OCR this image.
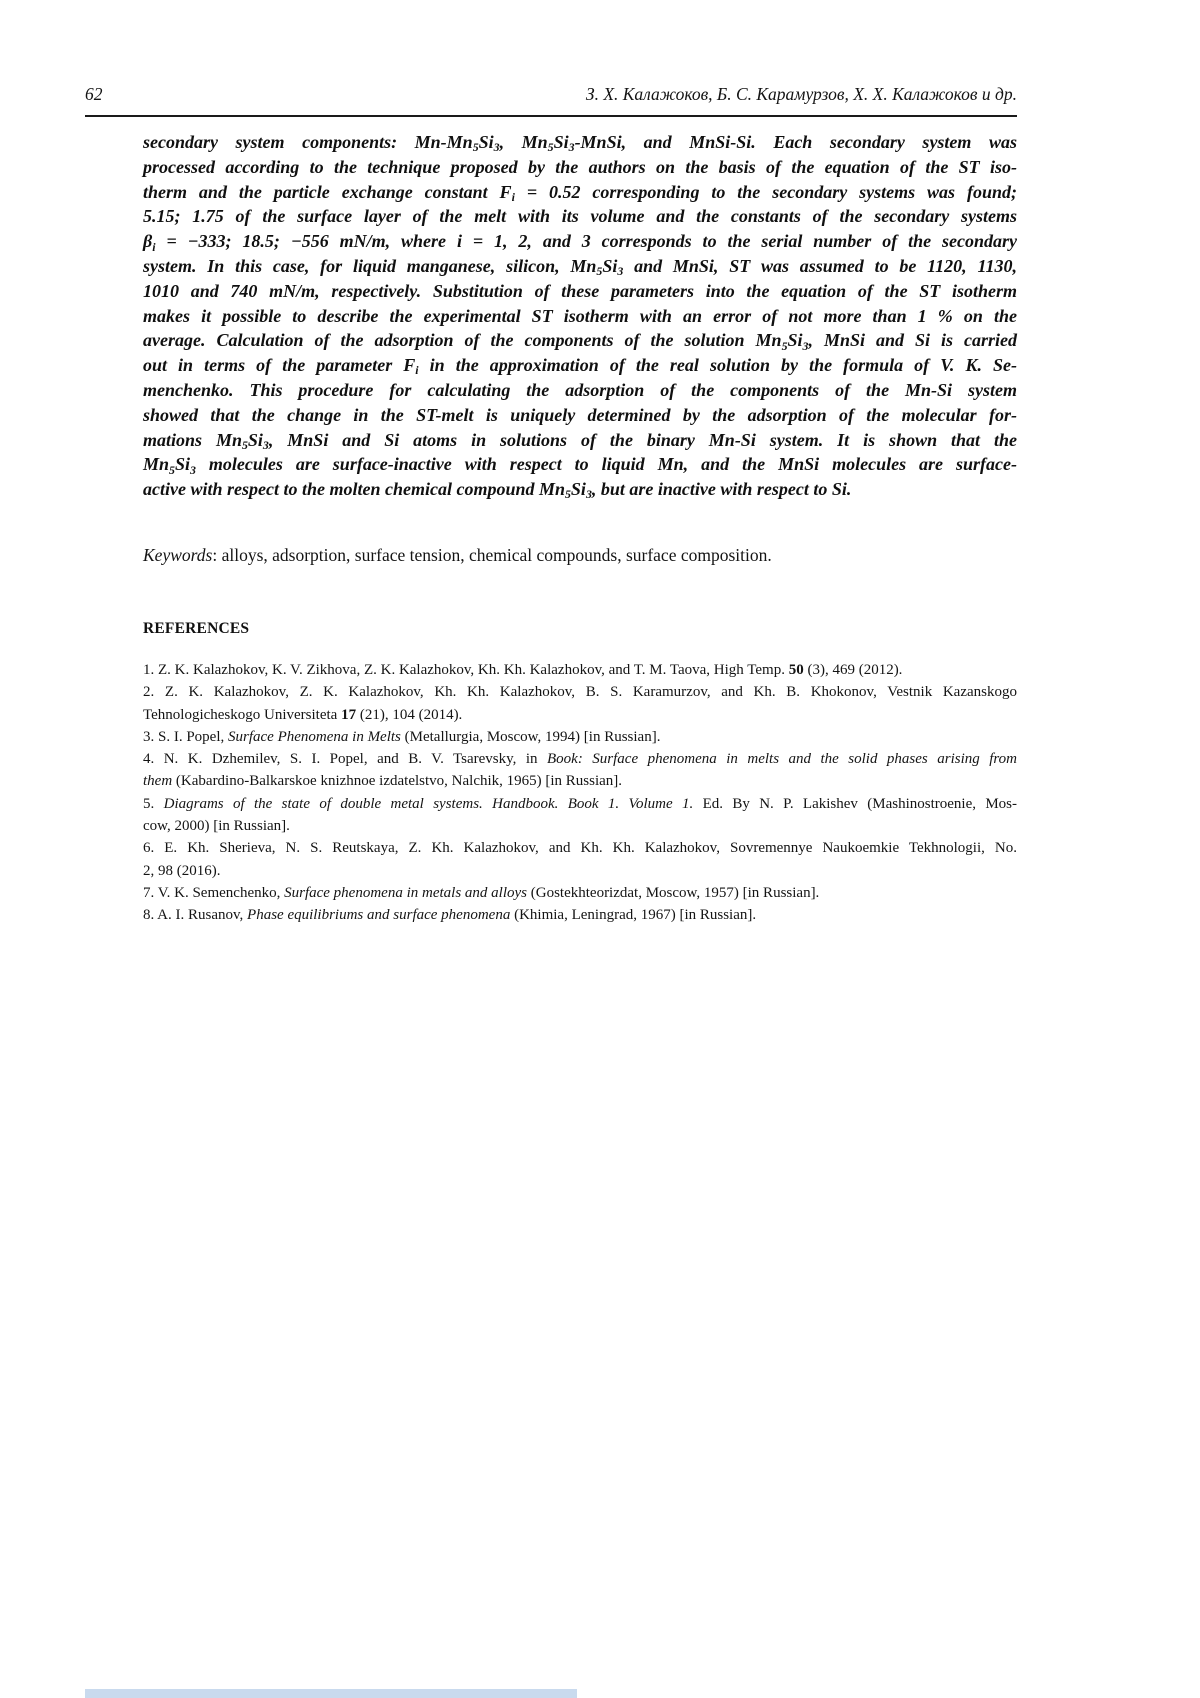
62	З. Х. Калажоков, Б. С. Карамурзов, Х. Х. Калажоков и др.
secondary system components: $Mn-Mn_5Si_3$, $Mn_5Si_3$-MnSi, and MnSi-Si. Each secondary system was
processed according to the technique proposed by the authors on the basis of the equation of the ST iso-
therm and the particle exchange constant $F_i = 0.52$ corresponding to the secondary systems was found;
5.15; 1.75 of the surface layer of the melt with its volume and the constants of the secondary systems
$\beta_i = -333$; 18.5; −556 mN/m, where i = 1, 2, and 3 corresponds to the serial number of the secondary
system. In this case, for liquid manganese, silicon, $Mn_5Si_3$ and MnSi, ST was assumed to be 1120, 1130,
1010 and 740 mN/m, respectively. Substitution of these parameters into the equation of the ST isotherm
makes it possible to describe the experimental ST isotherm with an error of not more than 1 % on the
average. Calculation of the adsorption of the components of the solution $Mn_5Si_3$, MnSi and Si is carried
out in terms of the parameter $F_i$ in the approximation of the real solution by the formula of V. K. Se-
menchenko. This procedure for calculating the adsorption of the components of the Mn-Si system
showed that the change in the ST-melt is uniquely determined by the adsorption of the molecular for-
mations $Mn_5Si_3$, MnSi and Si atoms in solutions of the binary Mn-Si system. It is shown that the
$Mn_5Si_3$ molecules are surface-inactive with respect to liquid Mn, and the MnSi molecules are surface-
active with respect to the molten chemical compound $Mn_5Si_3$, but are inactive with respect to Si.
Keywords: alloys, adsorption, surface tension, chemical compounds, surface composition.
REFERENCES
1. Z. K. Kalazhokov, K. V. Zikhova, Z. K. Kalazhokov, Kh. Kh. Kalazhokov, and T. M. Taova, High Temp. 50 (3), 469 (2012).
2. Z. K. Kalazhokov, Z. K. Kalazhokov, Kh. Kh. Kalazhokov, B. S. Karamurzov, and Kh. B. Khokonov, Vestnik Kazanskogo
Tehnologicheskogo Universiteta 17 (21), 104 (2014).
3. S. I. Popel, Surface Phenomena in Melts (Metallurgia, Moscow, 1994) [in Russian].
4. N. K. Dzhemilev, S. I. Popel, and B. V. Tsarevsky, in Book: Surface phenomena in melts and the solid phases arising from
them (Kabardino-Balkarskoe knizhnoe izdatelstvo, Nalchik, 1965) [in Russian].
5. Diagrams of the state of double metal systems. Handbook. Book 1. Volume 1. Ed. By N. P. Lakishev (Mashinostroenie, Mos-
cow, 2000) [in Russian].
6. E. Kh. Sherieva, N. S. Reutskaya, Z. Kh. Kalazhokov, and Kh. Kh. Kalazhokov, Sovremennye Naukoemkie Tekhnologii, No.
2, 98 (2016).
7. V. K. Semenchenko, Surface phenomena in metals and alloys (Gostekhteorizdat, Moscow, 1957) [in Russian].
8. A. I. Rusanov, Phase equilibriums and surface phenomena (Khimia, Leningrad, 1967) [in Russian].
